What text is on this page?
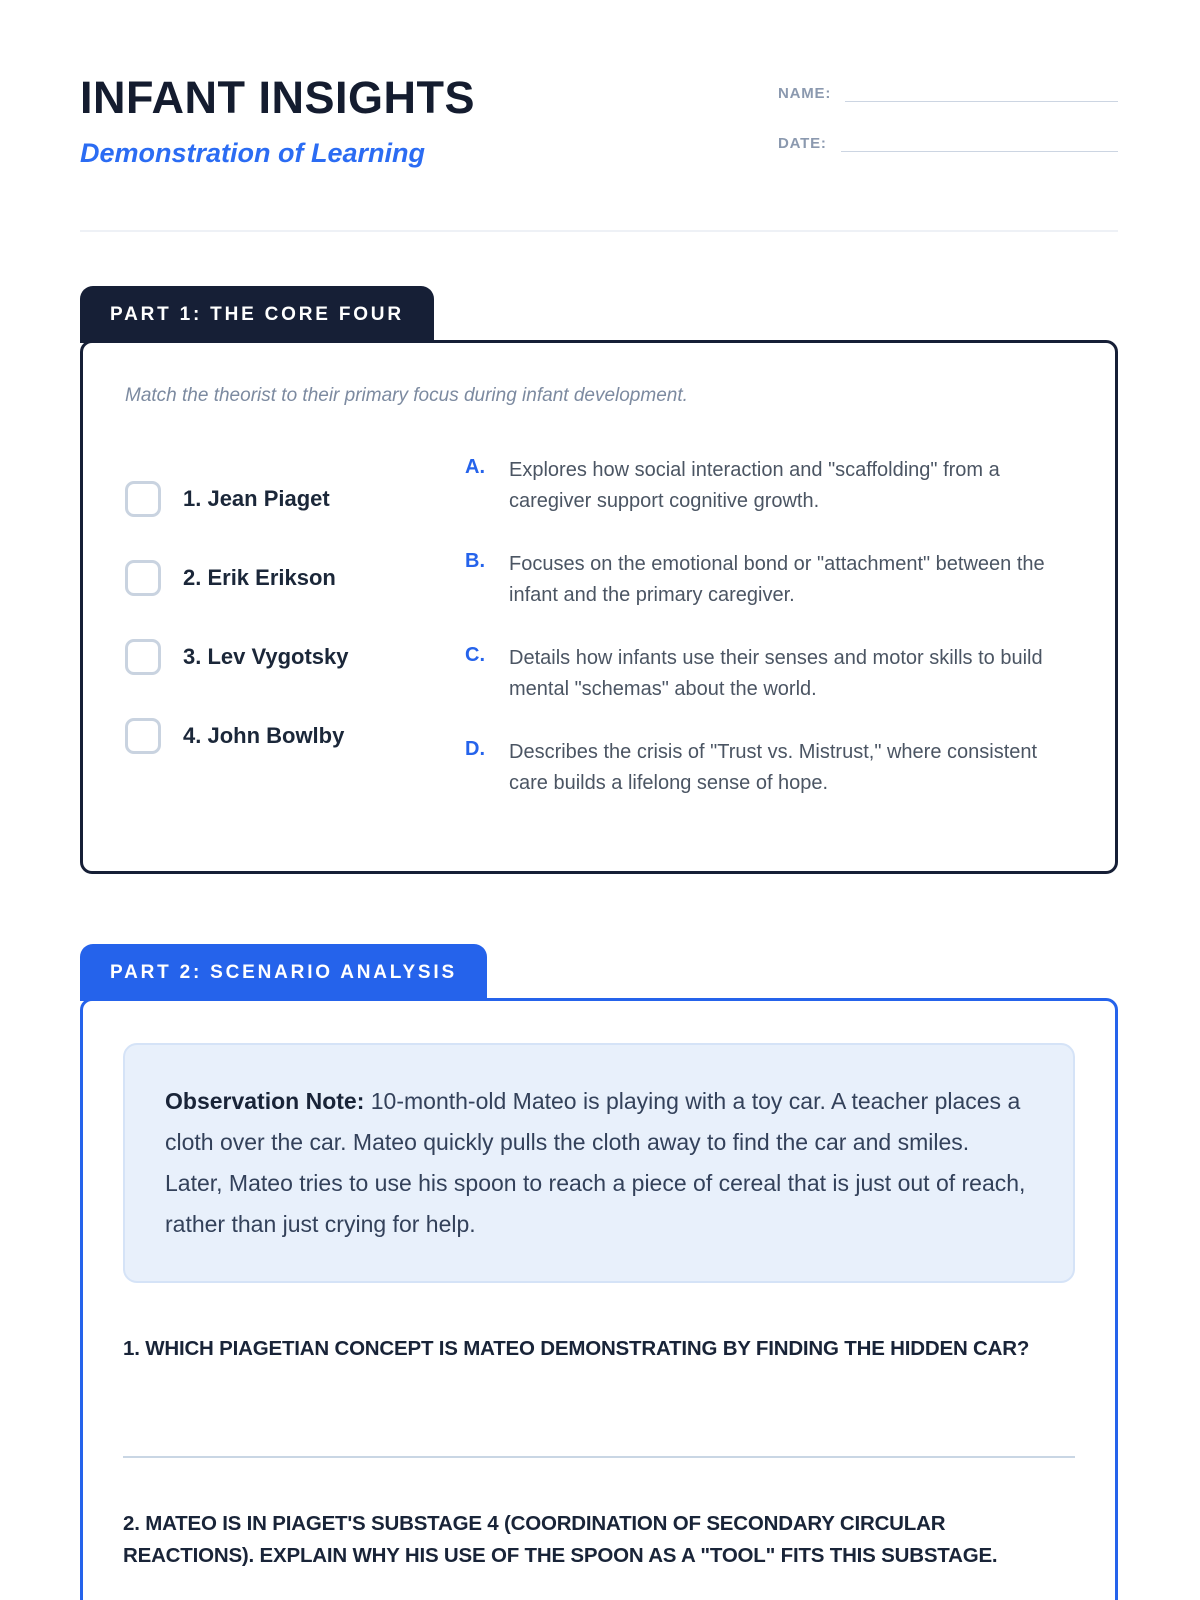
INFANT INSIGHTS
Demonstration of Learning
NAME:
DATE:
PART 1: THE CORE FOUR
Match the theorist to their primary focus during infant development.
1. Jean Piaget
2. Erik Erikson
3. Lev Vygotsky
4. John Bowlby
A.	Explores how social interaction and "scaffolding" from a caregiver support cognitive growth.
B.	Focuses on the emotional bond or "attachment" between the infant and the primary caregiver.
C.	Details how infants use their senses and motor skills to build mental "schemas" about the world.
D.	Describes the crisis of "Trust vs. Mistrust," where consistent care builds a lifelong sense of hope.
PART 2: SCENARIO ANALYSIS
Observation Note: 10-month-old Mateo is playing with a toy car. A teacher places a cloth over the car. Mateo quickly pulls the cloth away to find the car and smiles. Later, Mateo tries to use his spoon to reach a piece of cereal that is just out of reach, rather than just crying for help.
1. WHICH PIAGETIAN CONCEPT IS MATEO DEMONSTRATING BY FINDING THE HIDDEN CAR?
2. MATEO IS IN PIAGET'S SUBSTAGE 4 (COORDINATION OF SECONDARY CIRCULAR REACTIONS). EXPLAIN WHY HIS USE OF THE SPOON AS A "TOOL" FITS THIS SUBSTAGE.
